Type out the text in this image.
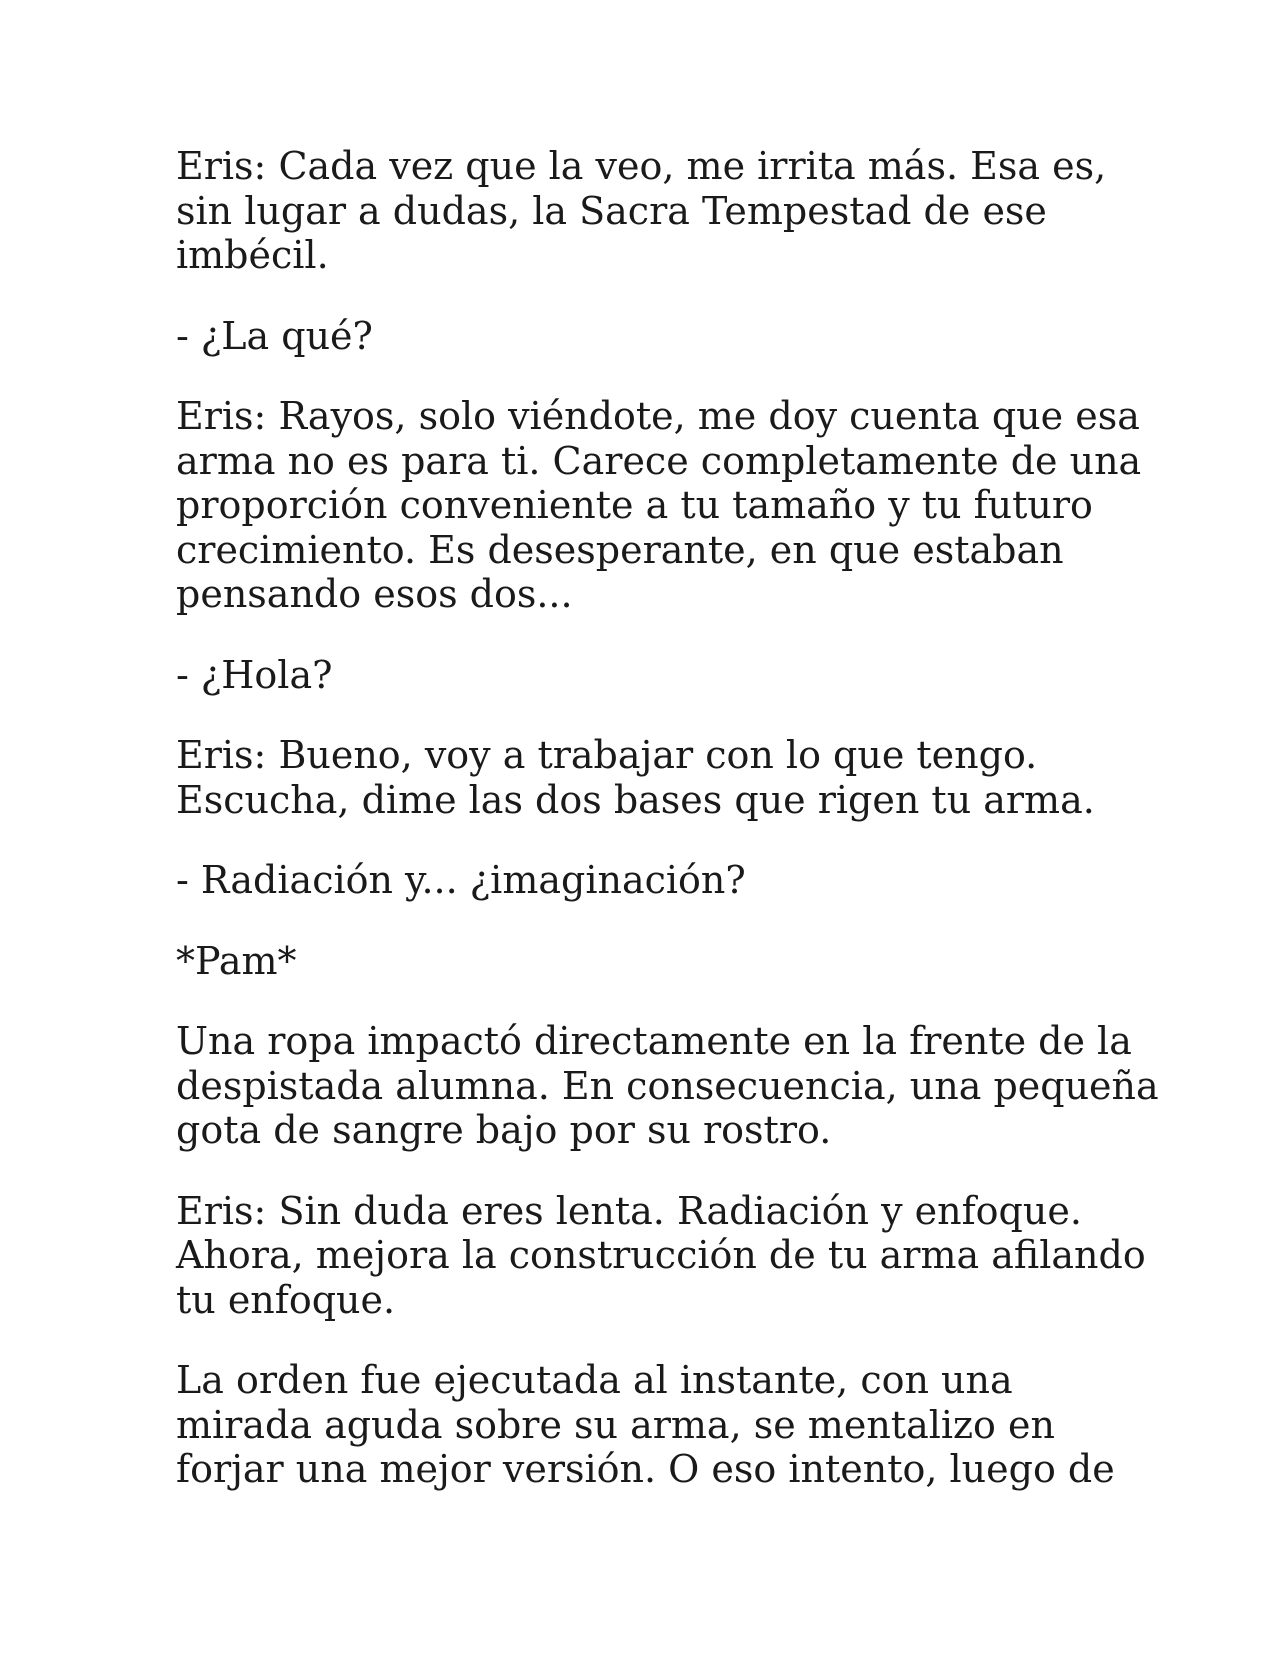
Eris: Cada vez que la veo, me irrita más. Esa es,
sin lugar a dudas, la Sacra Tempestad de ese
imbécil.

- ¿La qué?

Eris: Rayos, solo viéndote, me doy cuenta que esa
arma no es para ti. Carece completamente de una
proporción conveniente a tu tamaño y tu futuro
crecimiento. Es desesperante, en que estaban
pensando esos dos...

- ¿Hola?

Eris: Bueno, voy a trabajar con lo que tengo.
Escucha, dime las dos bases que rigen tu arma.

- Radiación y... ¿imaginación?

*Pam*

Una ropa impactó directamente en la frente de la
despistada alumna. En consecuencia, una pequeña
gota de sangre bajo por su rostro.

Eris: Sin duda eres lenta. Radiación y enfoque.
Ahora, mejora la construcción de tu arma afilando
tu enfoque.

La orden fue ejecutada al instante, con una
mirada aguda sobre su arma, se mentalizo en
forjar una mejor versión. O eso intento, luego de
